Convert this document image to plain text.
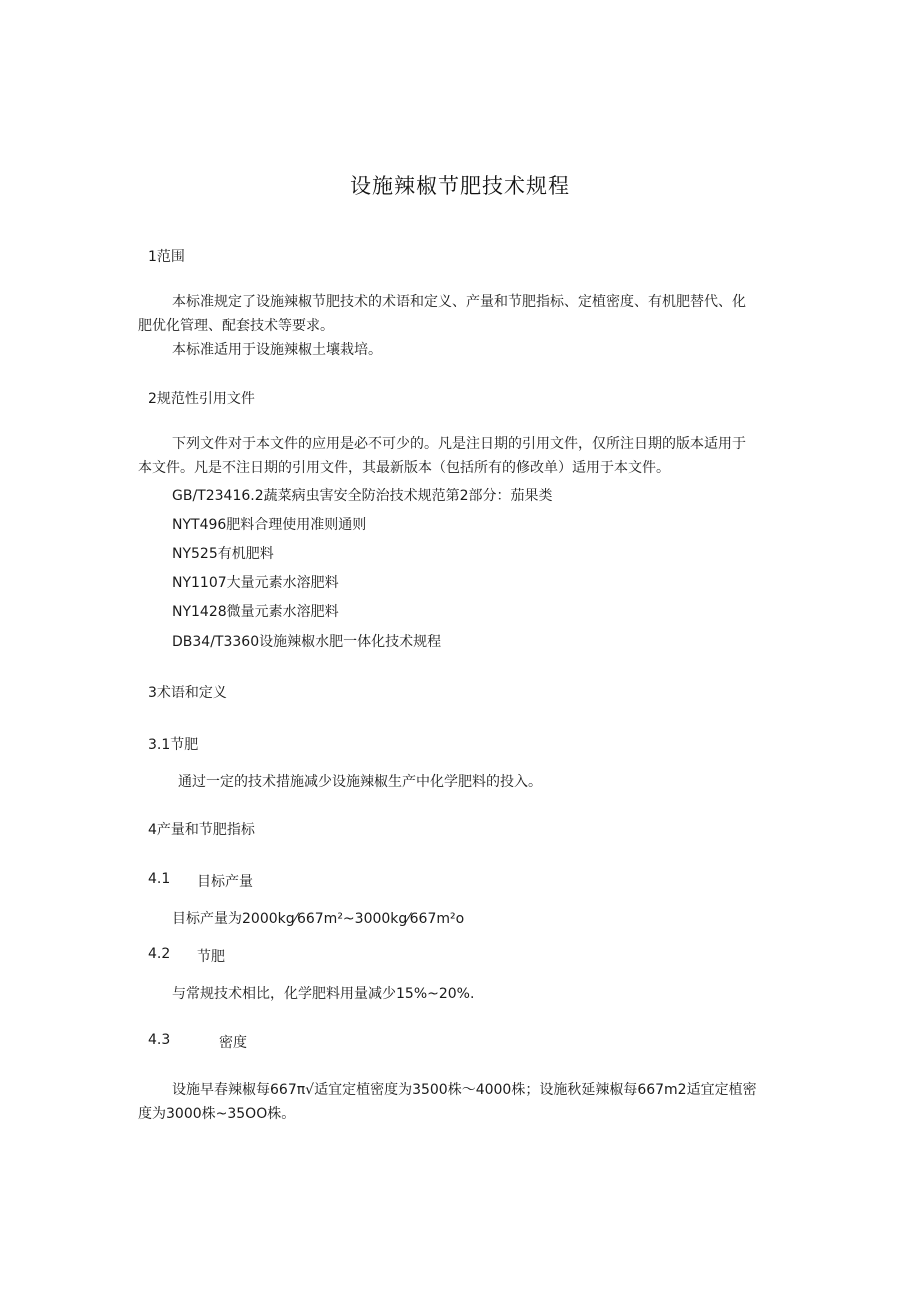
设施辣椒节肥技术规程
1范围
本标准规定了设施辣椒节肥技术的术语和定义、产量和节肥指标、定植密度、有机肥替代、化
肥优化管理、配套技术等要求。
本标准适用于设施辣椒土壤栽培。
2规范性引用文件
下列文件对于本文件的应用是必不可少的。凡是注日期的引用文件，仅所注日期的版本适用于
本文件。凡是不注日期的引用文件，其最新版本（包括所有的修改单）适用于本文件。
GB/T23416.2蔬菜病虫害安全防治技术规范第2部分：茄果类
NYT496肥料合理使用准则通则
NY525有机肥料
NY1107大量元素水溶肥料
NY1428微量元素水溶肥料
DB34/T3360设施辣椒水肥一体化技术规程
3术语和定义
3.1节肥
通过一定的技术措施减少设施辣椒生产中化学肥料的投入。
4产量和节肥指标
4.1 目标产量
目标产量为2000kg⁄667m²~3000kg⁄667m²o
4.2 节肥
与常规技术相比，化学肥料用量减少15%~20%.
4.3	密度
设施早春辣椒每667π√适宜定植密度为3500株～4000株；设施秋延辣椒每667m2适宜定植密
度为3000株~35OO株。
